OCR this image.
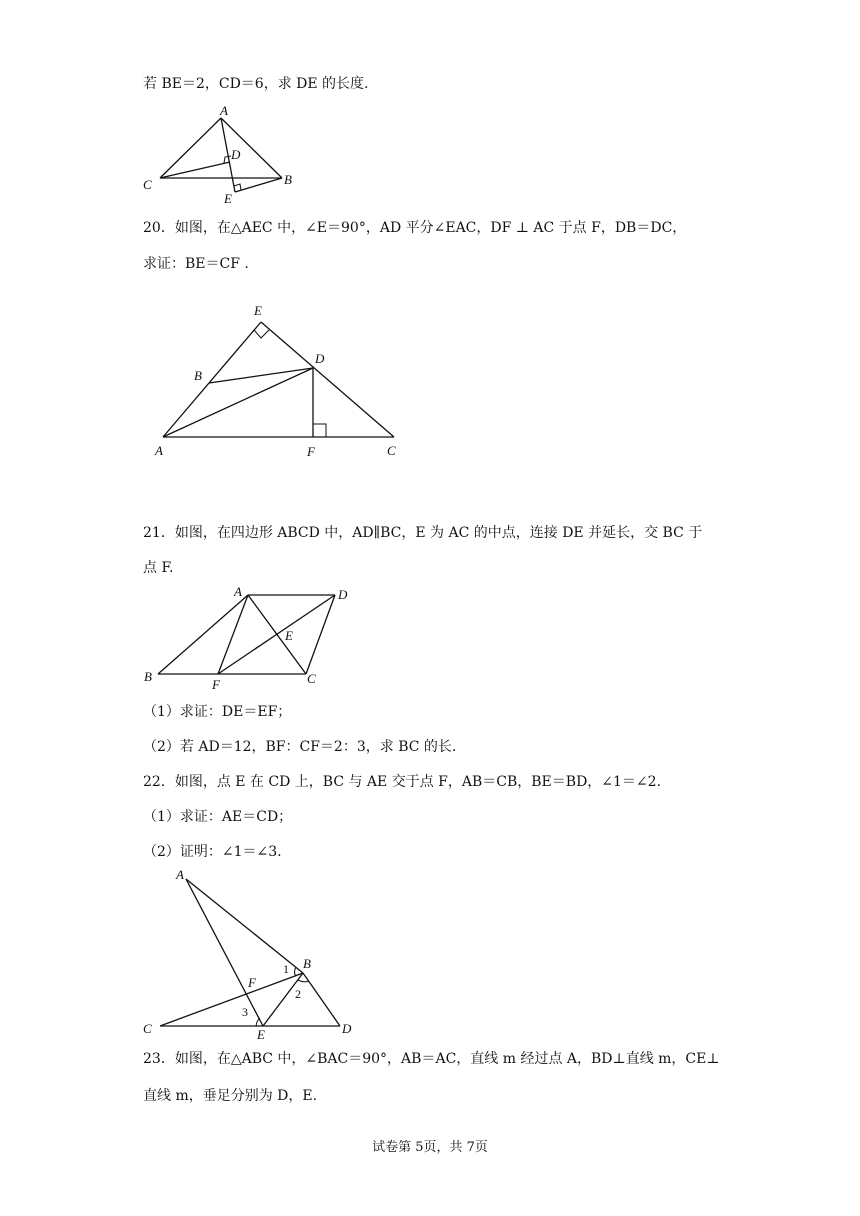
若 BE＝2，CD＝6，求 DE 的长度.
A
C
D
E
B
20．如图，在△AEC 中，∠E＝90°，AD 平分∠EAC，DF ⊥ AC 于点 F，DB＝DC，
求证：BE＝CF .
E
B
D
A	F	C
21．如图，在四边形 ABCD 中，AD∥BC，E 为 AC 的中点，连接 DE 并延长，交 BC 于
点 F.
A	D
E
B
F	C
（1）求证：DE＝EF；
（2）若 AD＝12，BF：CF＝2：3，求 BC 的长.
22．如图，点 E 在 CD 上，BC 与 AE 交于点 F，AB＝CB，BE＝BD，∠1＝∠2.
（1）求证：AE＝CD；
（2）证明：∠1＝∠3.
A
F
B
1
2
3
C	E	D
23．如图，在△ABC 中，∠BAC＝90°，AB＝AC，直线 m 经过点 A，BD⊥直线 m，CE⊥
直线 m，垂足分别为 D，E.
试卷第 5页，共 7页
